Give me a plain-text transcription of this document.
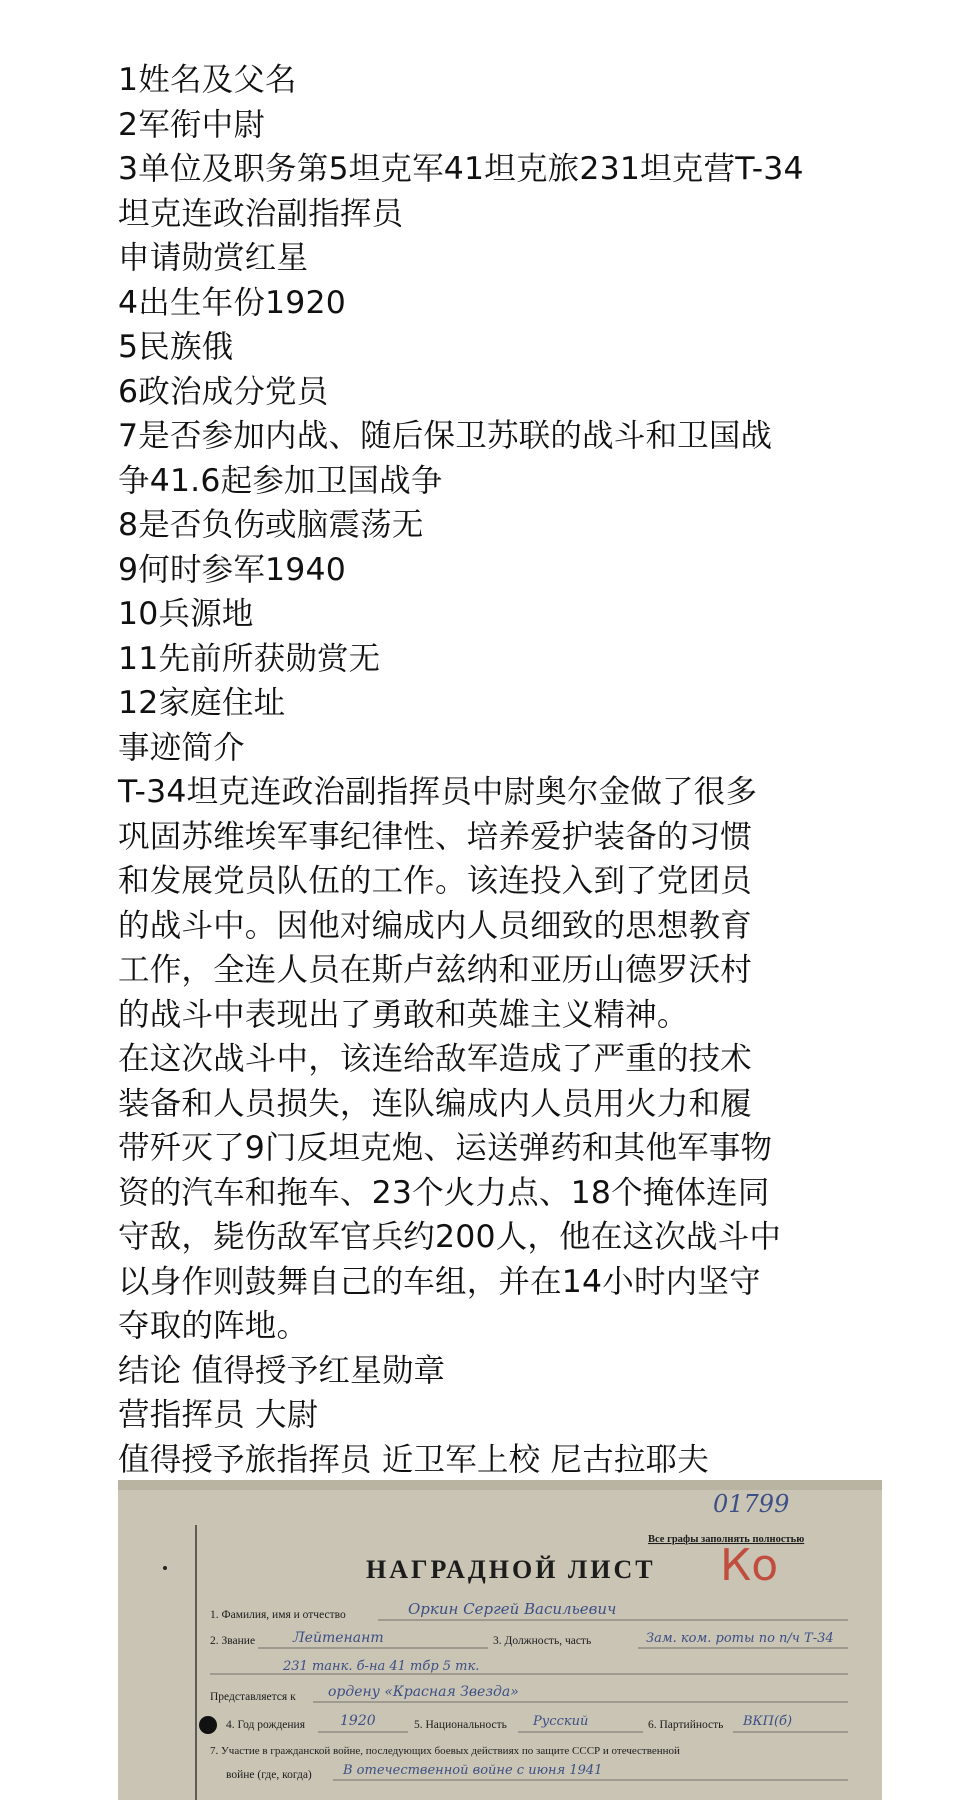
1姓名及父名
2军衔中尉
3单位及职务第5坦克军41坦克旅231坦克营T-34
坦克连政治副指挥员
申请勋赏红星
4出生年份1920
5民族俄
6政治成分党员
7是否参加内战、随后保卫苏联的战斗和卫国战
争41.6起参加卫国战争
8是否负伤或脑震荡无
9何时参军1940
10兵源地
11先前所获勋赏无
12家庭住址
事迹简介
T-34坦克连政治副指挥员中尉奥尔金做了很多
巩固苏维埃军事纪律性、培养爱护装备的习惯
和发展党员队伍的工作。该连投入到了党团员
的战斗中。因他对编成内人员细致的思想教育
工作，全连人员在斯卢兹纳和亚历山德罗沃村
的战斗中表现出了勇敢和英雄主义精神。
在这次战斗中，该连给敌军造成了严重的技术
装备和人员损失，连队编成内人员用火力和履
带歼灭了9门反坦克炮、运送弹药和其他军事物
资的汽车和拖车、23个火力点、18个掩体连同
守敌，毙伤敌军官兵约200人，他在这次战斗中
以身作则鼓舞自己的车组，并在14小时内坚守
夺取的阵地。
结论 值得授予红星勋章
营指挥员 大尉
值得授予旅指挥员 近卫军上校 尼古拉耶夫
01799
Все графы заполнять полностью
Ко
НАГРАДНОЙ ЛИСТ
1. Фамилия, имя и отчество	Оркин Сергей Васильевич
2. Звание	Лейтенант	3. Должность, часть	Зам. ком. роты по п/ч Т-34
231 танк. б-на 41 тбр 5 тк.
Представляется к ордену «Красная Звезда»
4. Год рождения	1920	5. Национальность Русский	6. Партийность ВКП(б)
7. Участие в гражданской войне, последующих боевых действиях по защите СССР и отечественной
войне (где, когда) В отечественной войне с июня 1941
